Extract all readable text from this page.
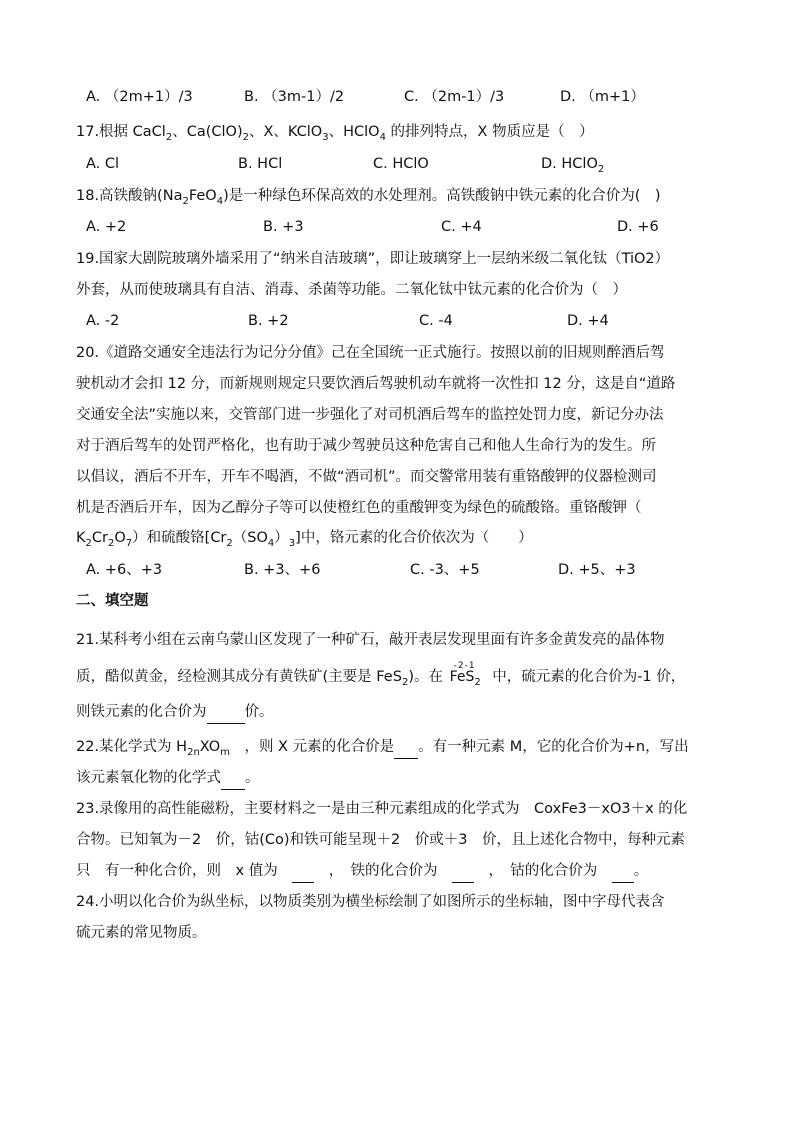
A. （2m+1）/3	B. （3m-1）/2	C. （2m-1）/3	D. （m+1）
17.根据 CaCl$_2$、$Ca(ClO)_2$、X、KClO$_3$、HClO$_4$ 的排列特点，X 物质应是（　）
A. Cl	B. HCl	C. HClO	D. HClO$_2$
18.高铁酸钠$(Na_2FeO_4)$是一种绿色环保高效的水处理剂。高铁酸钠中铁元素的化合价为(　)
A. +2	B. +3	C. +4	D. +6
19.国家大剧院玻璃外墙采用了“纳米自洁玻璃”，即让玻璃穿上一层纳米级二氧化钛（TiO2）
外套，从而使玻璃具有自洁、消毒、杀菌等功能。二氧化钛中钛元素的化合价为（　）
A. -2	B. +2	C. -4	D. +4
20.《道路交通安全违法行为记分分值》己在全国统一正式施行。按照以前的旧规则醉酒后驾
驶机动才会扣 12 分，而新规则规定只要饮酒后驾驶机动车就将一次性扣 12 分，这是自“道路
交通安全法”实施以来，交管部门进一步强化了对司机酒后驾车的监控处罚力度，新记分办法
对于酒后驾车的处罚严格化，也有助于减少驾驶员这种危害自己和他人生命行为的发生。所
以倡议，酒后不开车，开车不喝酒，不做“酒司机”。而交警常用装有重铬酸钾的仪器检测司
机是否酒后开车，因为乙醇分子等可以使橙红色的重酸钾变为绿色的硫酸铬。重铬酸钾（
$K_2Cr_2O_7$）和硫酸铬$[Cr_2(SO_4)_3]$中，铬元素的化合价依次为（　　）
A. +6、+3	B. +3、+6	C. -3、+5	D. +5、+3
二、填空题
21.某科考小组在云南乌蒙山区发现了一种矿石，敲开表层发现里面有许多金黄发亮的晶体物
质，酷似黄金，经检测其成分有黄铁矿(主要是 FeS$_2$)。在
-2-1
FeS$_2$ 中，硫元素的化合价为-1 价，
则铁元素的化合价为	价。
22.某化学式为 $H_{2n}XO_m$　，则 X 元素的化合价是 。有一种元素 M，它的化合价为+n，写出
该元素氧化物的化学式 。
23.录像用的高性能磁粉，主要材料之一是由三种元素组成的化学式为　CoxFe3－xO3＋x 的化
合物。已知氧为－2　价，钴(Co)和铁可能呈现＋2　价或＋3　价，且上述化合物中，每种元素
只　有一种化合价，则　x 值为　 　，　铁的化合价为　 　，　钴的化合价为　 。
24.小明以化合价为纵坐标，以物质类别为横坐标绘制了如图所示的坐标轴，图中字母代表含
硫元素的常见物质。
